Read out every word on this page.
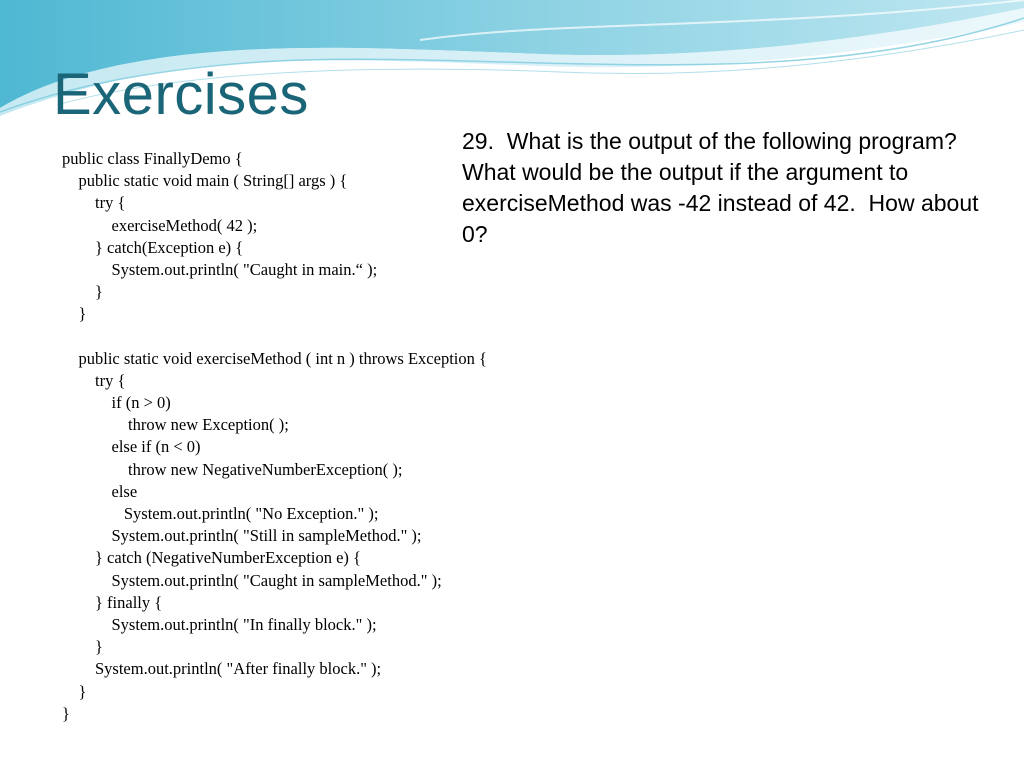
Exercises

29.  What is the output of the following program?  What would be the output if the argument to exerciseMethod was -42 instead of 42.  How about 0?

public class FinallyDemo {
public static void main ( String[] args ) {
try {
exerciseMethod( 42 );
} catch(Exception e) {
System.out.println( "Caught in main.“ );
}
}
public static void exerciseMethod ( int n ) throws Exception {
try {
if (n > 0)
throw new Exception( );
else if (n < 0)
throw new NegativeNumberException( );
else
System.out.println( "No Exception." );
System.out.println( "Still in sampleMethod." );
} catch (NegativeNumberException e) {
System.out.println( "Caught in sampleMethod." );
} finally {
System.out.println( "In finally block." );
}
System.out.println( "After finally block." );
}
}
